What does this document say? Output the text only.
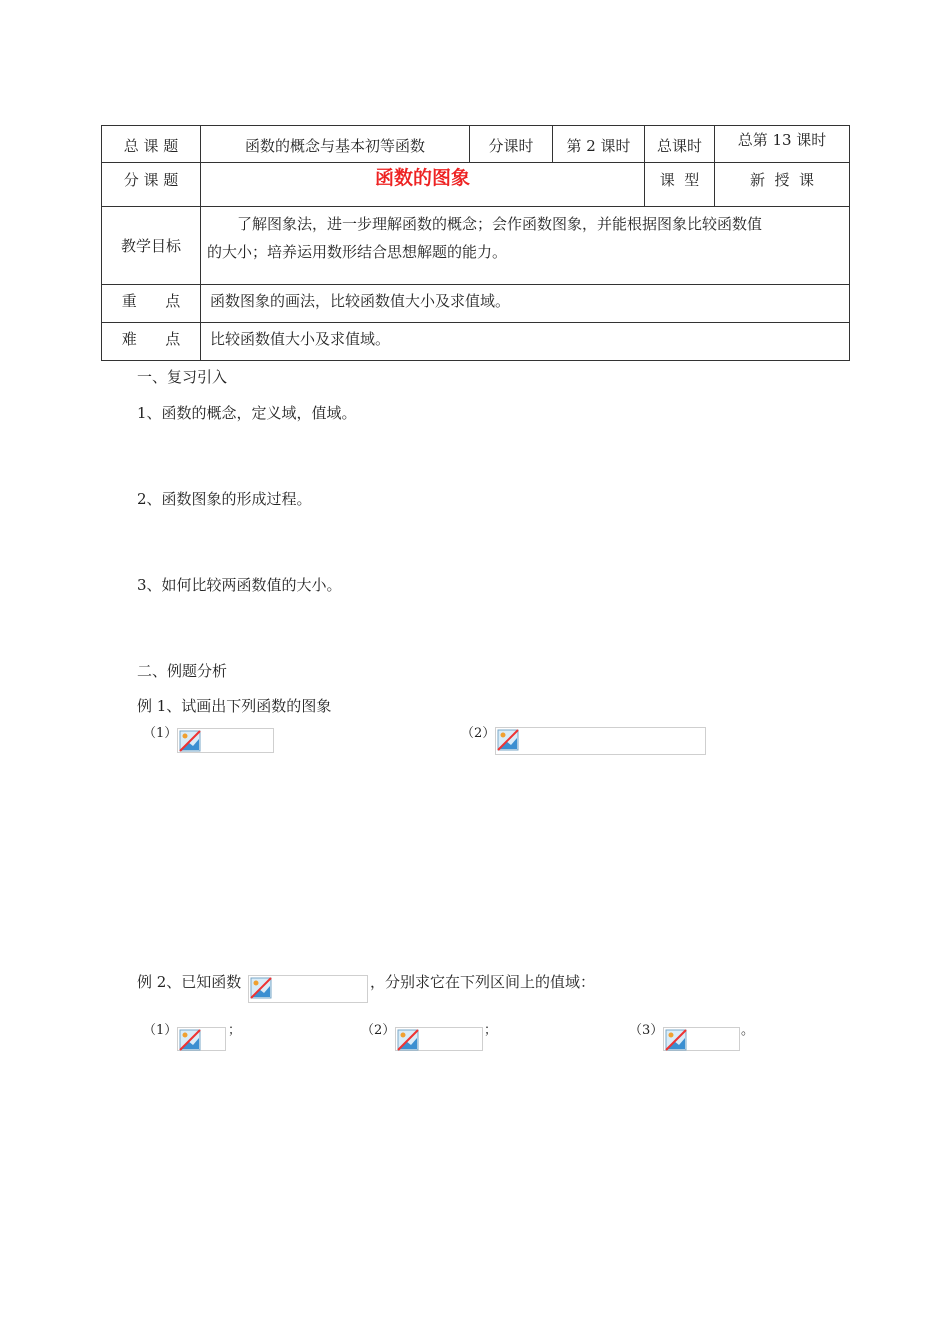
总 课 题	函数的概念与基本初等函数	分课时	第 2 课时	总课时	总第 13 课时

分 课 题	函数的图象			课  型	新  授  课

教学目标	了解图象法，进一步理解函数的概念；会作函数图象，并能根据图象比较函数值
的大小；培养运用数形结合思想解题的能力。				

重      点	函数图象的画法，比较函数值大小及求值域。				

难      点	比较函数值大小及求值域。				
一、复习引入
1、函数的概念，定义域，值域。
2、函数图象的形成过程。
3、如何比较两函数值的大小。
二、例题分析
例 1、试画出下列函数的图象
（1）	（2）
例 2、已知函数	，分别求它在下列区间上的值域：
（1）	；	（2）	；	（3）	。
